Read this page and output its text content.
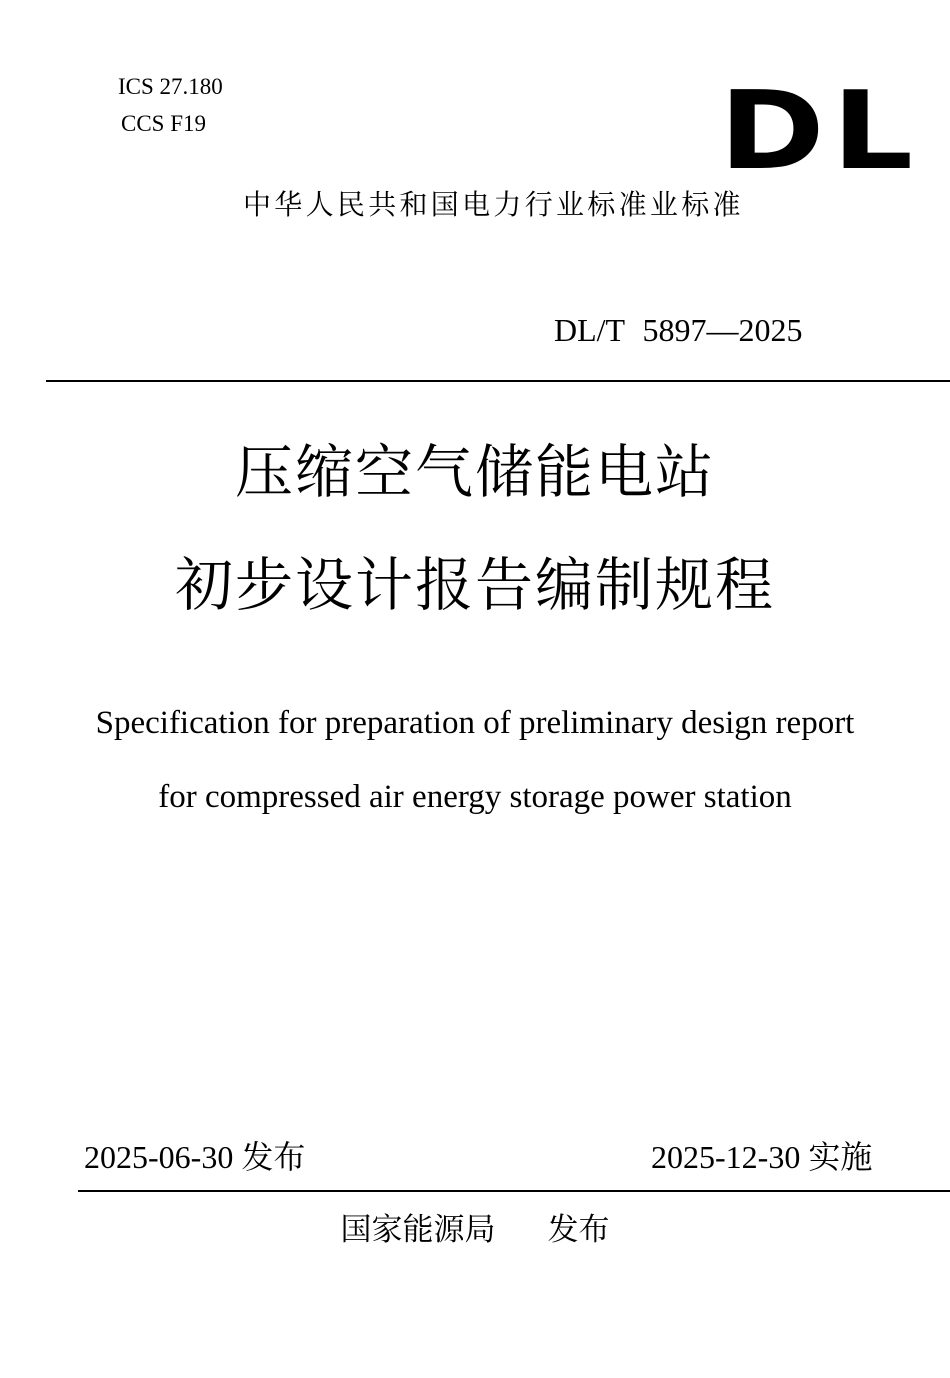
ICS 27.180
CCS F19	DL
中华人民共和国电力行业标准业标准
DL/T 5897—2025
压缩空气储能电站
初步设计报告编制规程
Specification for preparation of preliminary design report
for compressed air energy storage power station
2025-06-30 发布	2025-12-30 实施
国家能源局 发布
